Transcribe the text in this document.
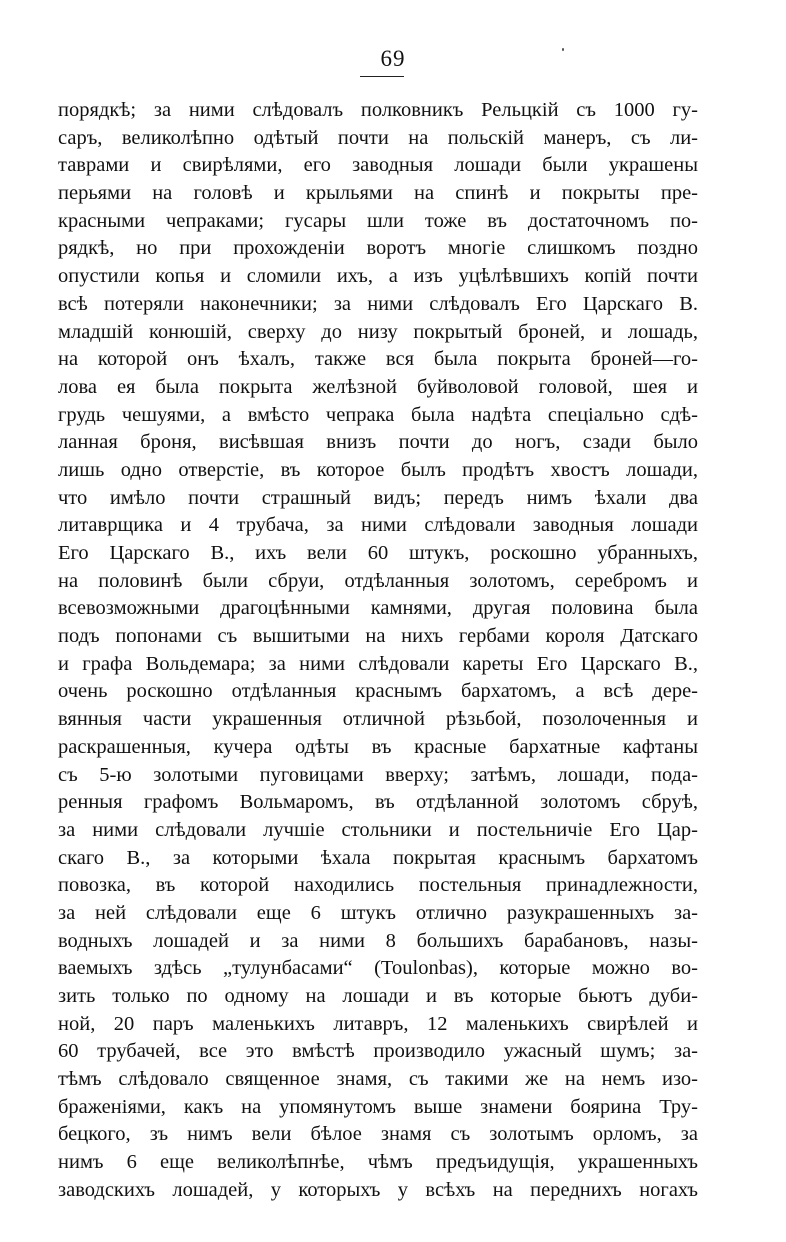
69
порядкѣ; за ними слѣдовалъ полковникъ Рельцкій съ 1000 гу-
саръ, великолѣпно одѣтый почти на польскій манеръ, съ ли-
таврами и свирѣлями, его заводныя лошади были украшены
перьями на головѣ и крыльями на спинѣ и покрыты пре-
красными чепраками; гусары шли тоже въ достаточномъ по-
рядкѣ, но при прохожденіи воротъ многіе слишкомъ поздно
опустили копья и сломили ихъ, а изъ уцѣлѣвшихъ копій почти
всѣ потеряли наконечники; за ними слѣдовалъ Его Царскаго В.
младшій конюшій, сверху до низу покрытый броней, и лошадь,
на которой онъ ѣхалъ, также вся была покрыта броней—го-
лова ея была покрыта желѣзной буйволовой головой, шея и
грудь чешуями, а вмѣсто чепрака была надѣта спеціально сдѣ-
ланная броня, висѣвшая внизъ почти до ногъ, сзади было
лишь одно отверстіе, въ которое былъ продѣтъ хвостъ лошади,
что имѣло почти страшный видъ; передъ нимъ ѣхали два
литаврщика и 4 трубача, за ними слѣдовали заводныя лошади
Его Царскаго В., ихъ вели 60 штукъ, роскошно убранныхъ,
на половинѣ были сбруи, отдѣланныя золотомъ, серебромъ и
всевозможными драгоцѣнными камнями, другая половина была
подъ попонами съ вышитыми на нихъ гербами короля Датскаго
и графа Вольдемара; за ними слѣдовали кареты Его Царскаго В.,
очень роскошно отдѣланныя краснымъ бархатомъ, а всѣ дере-
вянныя части украшенныя отличной рѣзьбой, позолоченныя и
раскрашенныя, кучера одѣты въ красные бархатные кафтаны
съ 5-ю золотыми пуговицами вверху; затѣмъ, лошади, пода-
ренныя графомъ Вольмаромъ, въ отдѣланной золотомъ сбруѣ,
за ними слѣдовали лучшіе стольники и постельничіе Его Цар-
скаго В., за которыми ѣхала покрытая краснымъ бархатомъ
повозка, въ которой находились постельныя принадлежности,
за ней слѣдовали еще 6 штукъ отлично разукрашенныхъ за-
водныхъ лошадей и за ними 8 большихъ барабановъ, назы-
ваемыхъ здѣсь „тулунбасами“ (Toulonbas), которые можно во-
зить только по одному на лошади и въ которые бьютъ дуби-
ной, 20 паръ маленькихъ литавръ, 12 маленькихъ свирѣлей и
60 трубачей, все это вмѣстѣ производило ужасный шумъ; за-
тѣмъ слѣдовало священное знамя, съ такими же на немъ изо-
браженіями, какъ на упомянутомъ выше знамени боярина Тру-
бецкого, зъ нимъ вели бѣлое знамя съ золотымъ орломъ, за
нимъ 6 еще великолѣпнѣе, чѣмъ предъидущія, украшенныхъ
заводскихъ лошадей, у которыхъ у всѣхъ на переднихъ ногахъ
